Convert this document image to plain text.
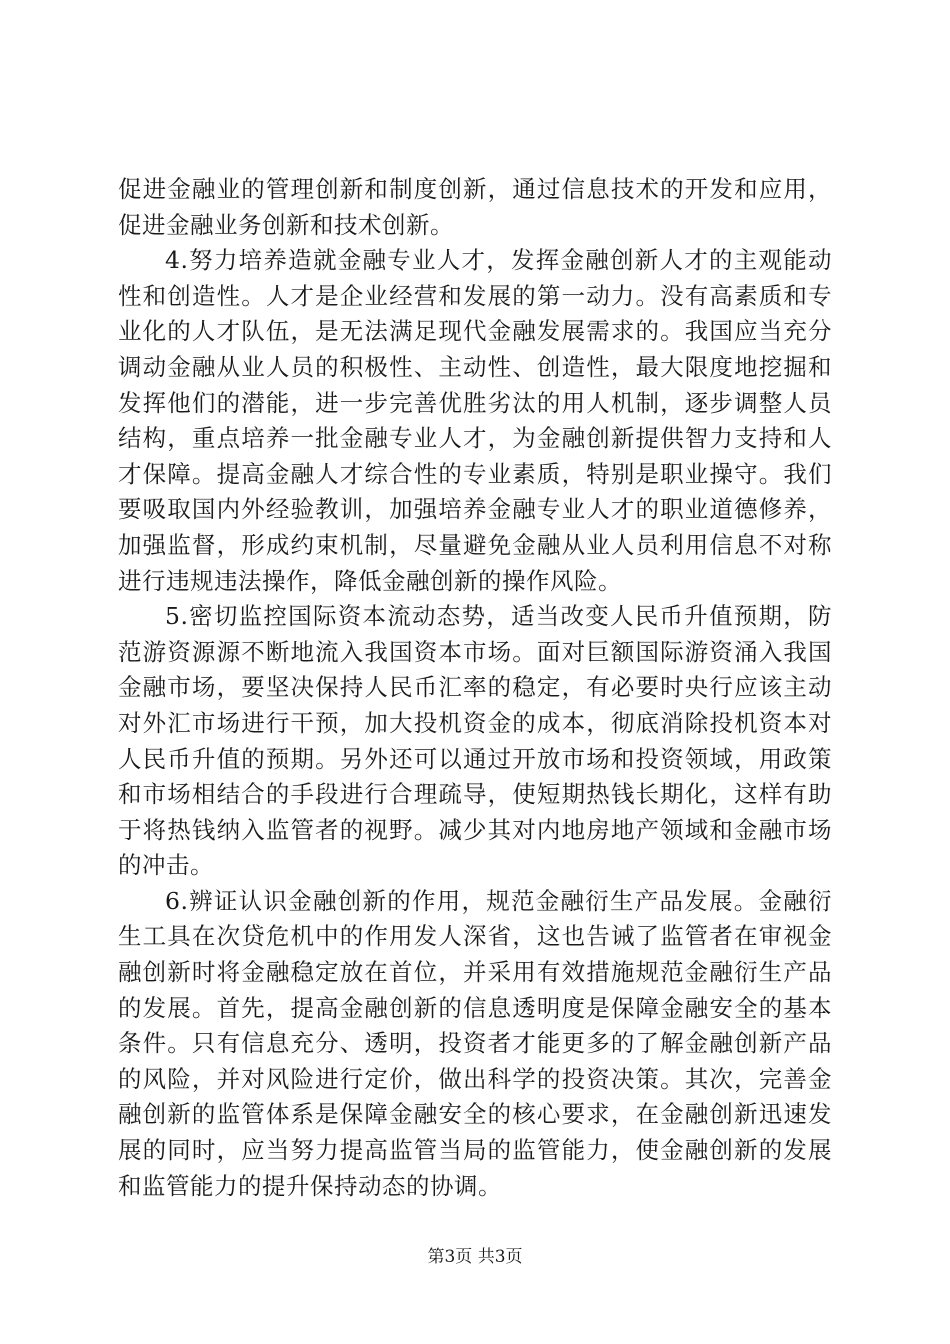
促进金融业的管理创新和制度创新，通过信息技术的开发和应用，促进金融业务创新和技术创新。

4.努力培养造就金融专业人才，发挥金融创新人才的主观能动性和创造性。人才是企业经营和发展的第一动力。没有高素质和专业化的人才队伍，是无法满足现代金融发展需求的。我国应当充分调动金融从业人员的积极性、主动性、创造性，最大限度地挖掘和发挥他们的潜能，进一步完善优胜劣汰的用人机制，逐步调整人员结构，重点培养一批金融专业人才，为金融创新提供智力支持和人才保障。提高金融人才综合性的专业素质，特别是职业操守。我们要吸取国内外经验教训，加强培养金融专业人才的职业道德修养，加强监督，形成约束机制，尽量避免金融从业人员利用信息不对称进行违规违法操作，降低金融创新的操作风险。

5.密切监控国际资本流动态势，适当改变人民币升值预期，防范游资源源不断地流入我国资本市场。面对巨额国际游资涌入我国金融市场，要坚决保持人民币汇率的稳定，有必要时央行应该主动对外汇市场进行干预，加大投机资金的成本，彻底消除投机资本对人民币升值的预期。另外还可以通过开放市场和投资领域，用政策和市场相结合的手段进行合理疏导，使短期热钱长期化，这样有助于将热钱纳入监管者的视野。减少其对内地房地产领域和金融市场的冲击。

6.辨证认识金融创新的作用，规范金融衍生产品发展。金融衍生工具在次贷危机中的作用发人深省，这也告诫了监管者在审视金融创新时将金融稳定放在首位，并采用有效措施规范金融衍生产品的发展。首先，提高金融创新的信息透明度是保障金融安全的基本条件。只有信息充分、透明，投资者才能更多的了解金融创新产品的风险，并对风险进行定价，做出科学的投资决策。其次，完善金融创新的监管体系是保障金融安全的核心要求，在金融创新迅速发展的同时，应当努力提高监管当局的监管能力，使金融创新的发展和监管能力的提升保持动态的协调。

第3页 共3页
